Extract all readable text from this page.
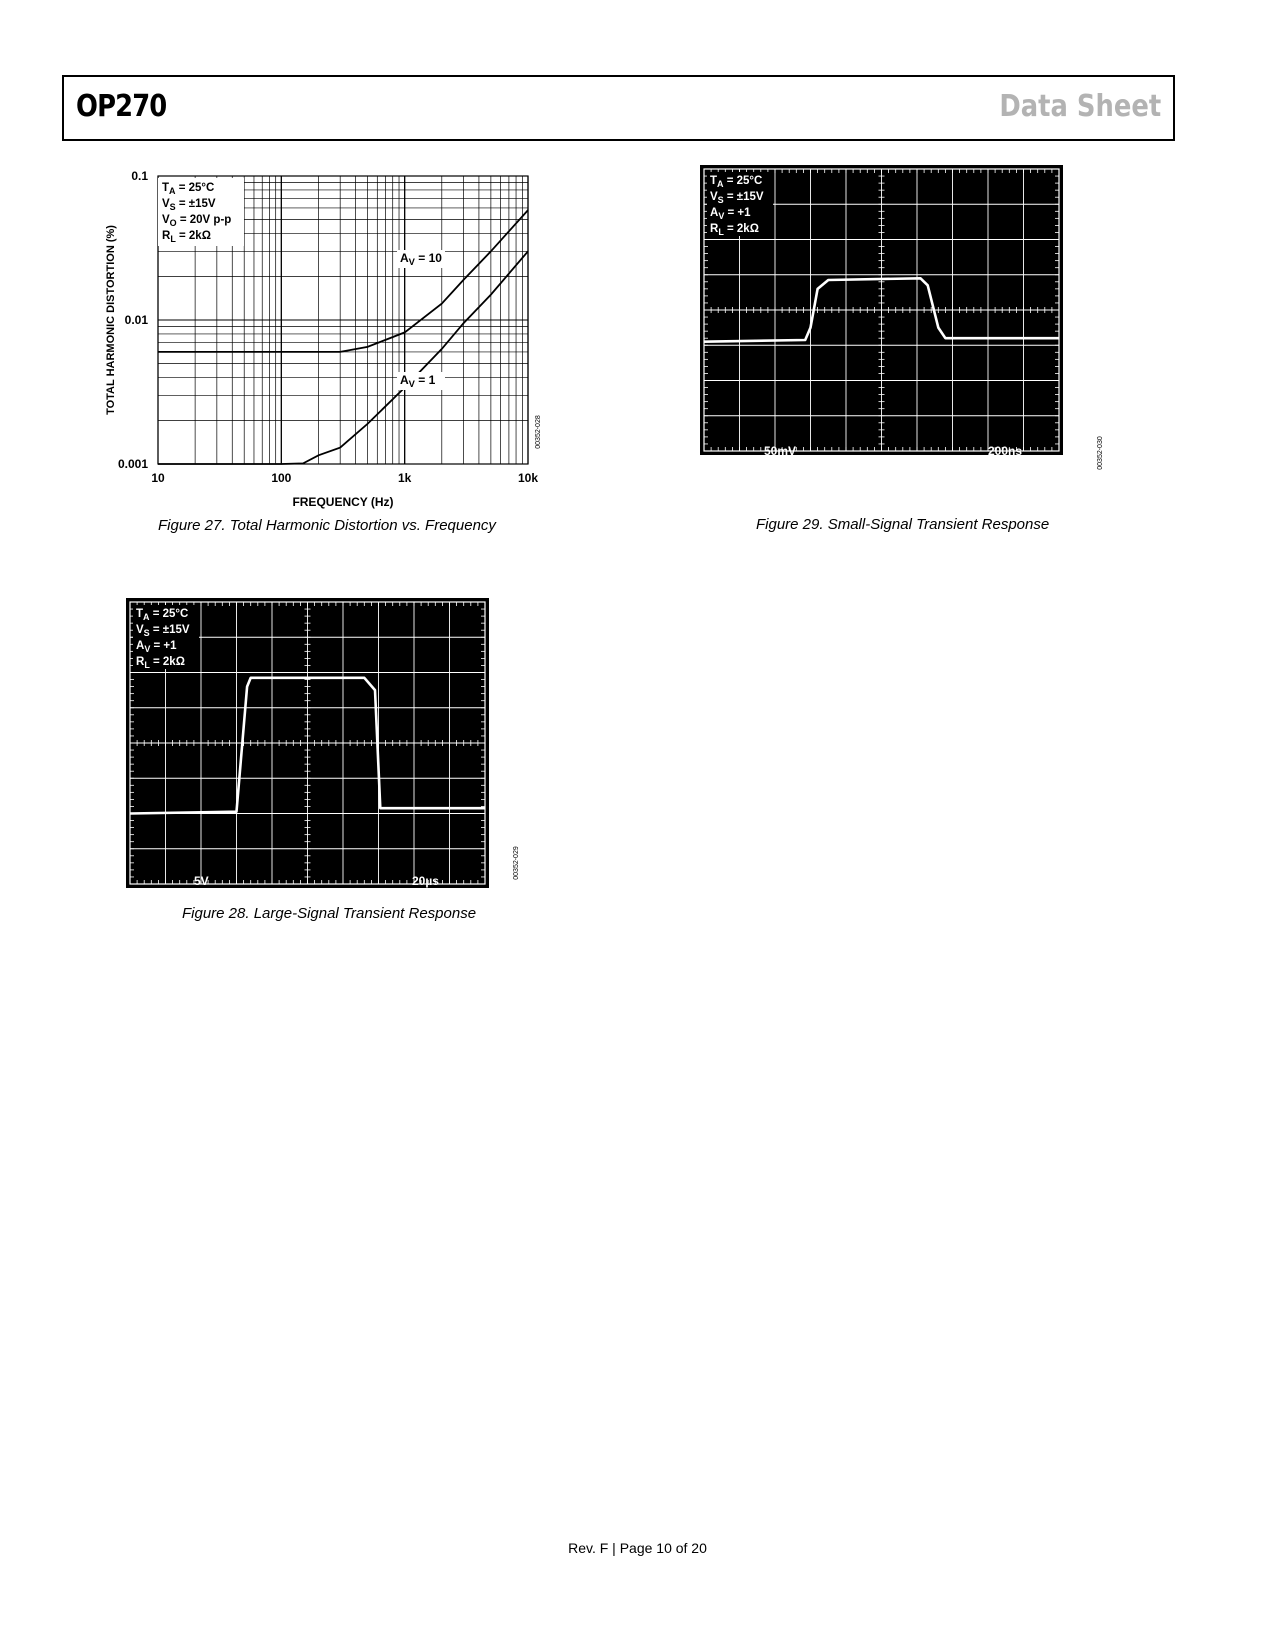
OP270	Data Sheet
$T_A = 25^\circ C$
$V_S = \pm 15V$
$V_O = 20V$ p-p
$R_L = 2k\Omega$
$A_V = 10$
$A_V = 1$
10	100	1k	10k
0.1
0.01
0.001
FREQUENCY (Hz)
TOTAL HARMONIC DISTORTION (%)
00352-028
Figure 27. Total Harmonic Distortion vs. Frequency
$T_A = 25^\circ C$
$V_S = \pm 15V$
$A_V = +1$
$R_L = 2k\Omega$
50mV	200ns	00352-030
Figure 29. Small-Signal Transient Response
$T_A = 25^\circ C$
$V_S = \pm 15V$
$A_V = +1$
$R_L = 2k\Omega$
5V	20µs
00352-029
Figure 28. Large-Signal Transient Response
Rev. F | Page 10 of 20
